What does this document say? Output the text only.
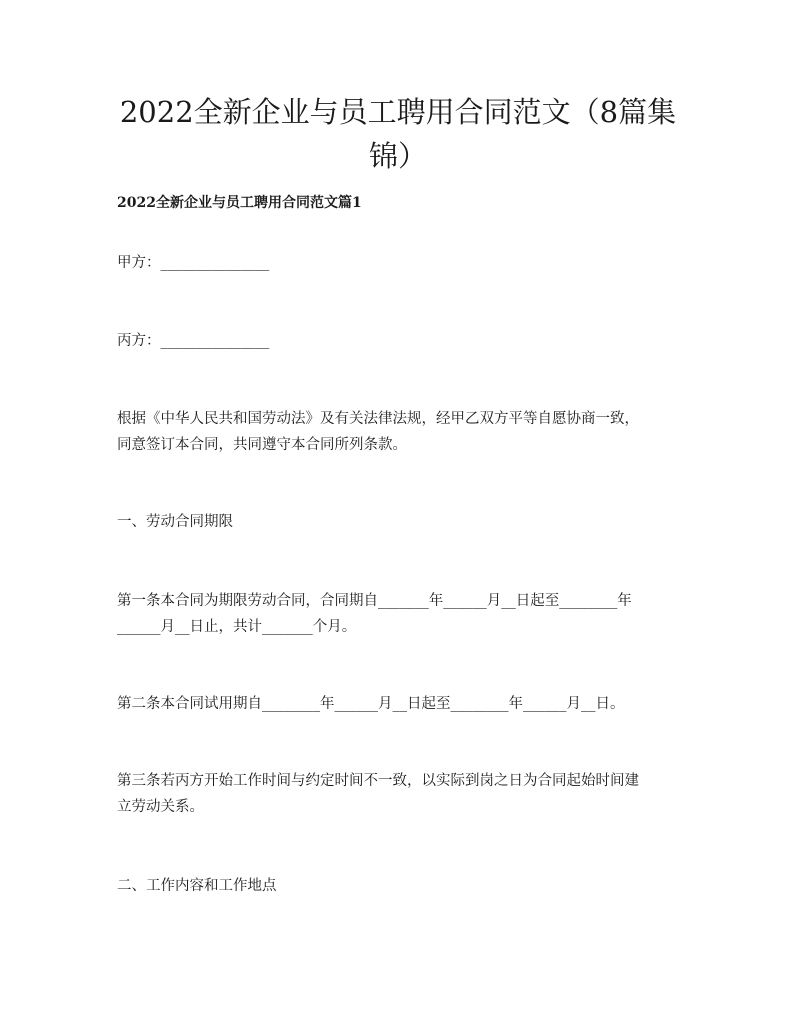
2022全新企业与员工聘用合同范文（8篇集
锦）
2022全新企业与员工聘用合同范文篇1

甲方：_______________

丙方：_______________

根据《中华人民共和国劳动法》及有关法律法规，经甲乙双方平等自愿协商一致，
同意签订本合同，共同遵守本合同所列条款。

一、劳动合同期限

第一条本合同为期限劳动合同，合同期自_______年______月__日起至________年
______月__日止，共计_______个月。

第二条本合同试用期自________年______月__日起至________年______月__日。

第三条若丙方开始工作时间与约定时间不一致，以实际到岗之日为合同起始时间建
立劳动关系。

二、工作内容和工作地点
